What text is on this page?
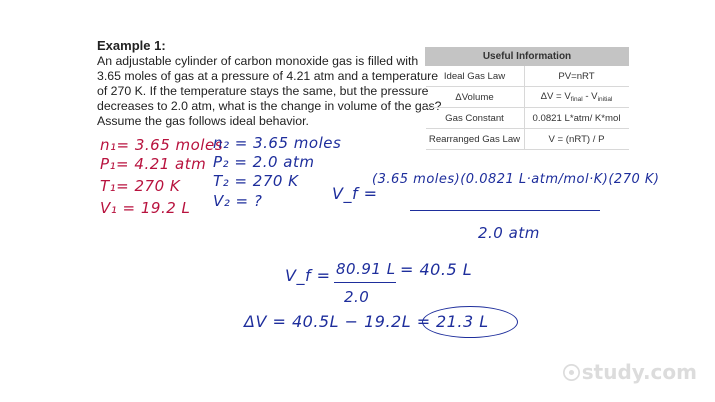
Example 1:
An adjustable cylinder of carbon monoxide gas is filled with
3.65 moles of gas at a pressure of 4.21 atm and a temperature
of 270 K. If the temperature stays the same, but the pressure
decreases to 2.0 atm, what is the change in volume of the gas?
Assume the gas follows ideal behavior.
Useful Information	
Ideal Gas Law	PV=nRT
ΔVolume	$\Delta V = V_{final} - V_{initial}$
Gas Constant	0.0821 L*atm/ K*mol
Rearranged Gas Law	V = (nRT) / P
n₁= 3.65 moles
P₁= 4.21 atm
T₁= 270 K
V₁ = 19.2 L
n₂ = 3.65 moles
P₂ = 2.0 atm
T₂ = 270 K
V₂ = ?	V_f =
(3.65 moles)(0.0821 L·atm/mol·K)(270 K)
2.0 atm
V_f = 80.91 L
2.0
= 40.5 L
ΔV = 40.5L − 19.2L = 21.3 L
study.com
